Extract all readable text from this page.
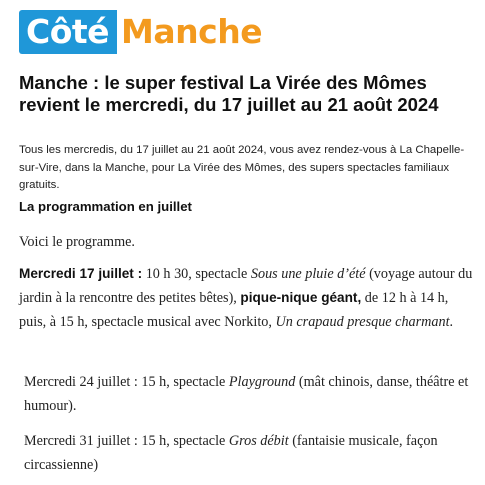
Côté Manche
Manche : le super festival La Virée des Mômes revient le mercredi, du 17 juillet au 21 août 2024

Tous les mercredis, du 17 juillet au 21 août 2024, vous avez rendez-vous à La Chapelle-sur-Vire, dans la Manche, pour La Virée des Mômes, des supers spectacles familiaux gratuits.

La programmation en juillet

Voici le programme.

Mercredi 17 juillet : 10 h 30, spectacle Sous une pluie d’été (voyage autour du jardin à la rencontre des petites bêtes), pique-nique géant, de 12 h à 14 h, puis, à 15 h, spectacle musical avec Norkito, Un crapaud presque charmant.

Mercredi 24 juillet : 15 h, spectacle Playground (mât chinois, danse, théâtre et humour).

Mercredi 31 juillet : 15 h, spectacle Gros débit (fantaisie musicale, façon circassienne)
